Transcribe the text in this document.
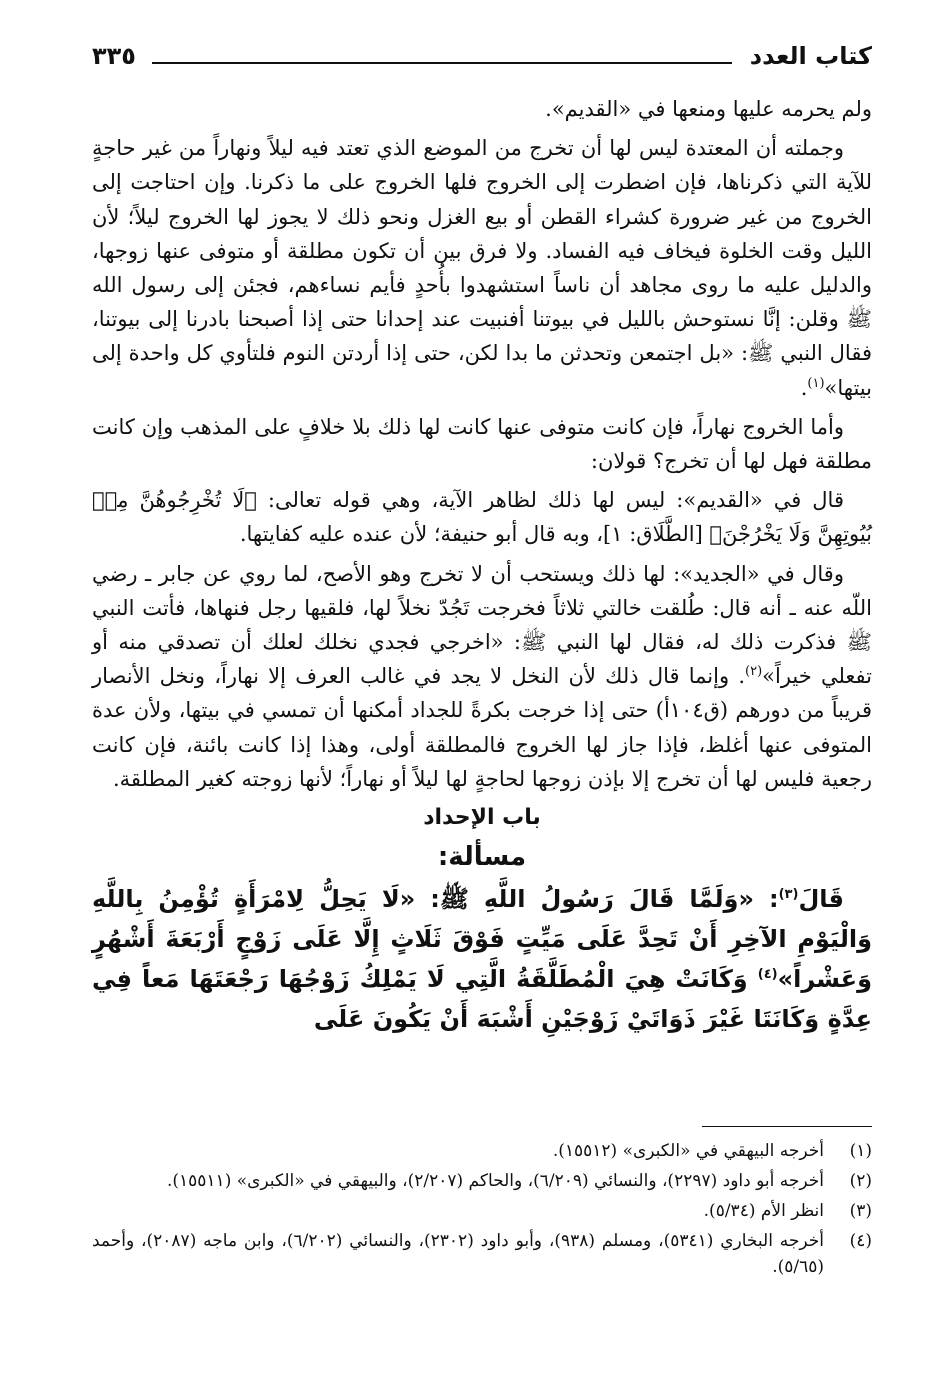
كتاب العدد
٣٣٥

ولم يحرمه عليها ومنعها في «القديم».

وجملته أن المعتدة ليس لها أن تخرج من الموضع الذي تعتد فيه ليلاً ونهاراً من غير حاجةٍ للآية التي ذكرناها، فإن اضطرت إلى الخروج فلها الخروج على ما ذكرنا. وإن احتاجت إلى الخروج من غير ضرورة كشراء القطن أو بيع الغزل ونحو ذلك لا يجوز لها الخروج ليلاً؛ لأن الليل وقت الخلوة فيخاف فيه الفساد. ولا فرق بين أن تكون مطلقة أو متوفى عنها زوجها، والدليل عليه ما روى مجاهد أن ناساً استشهدوا بأُحدٍ فأيم نساءهم، فجئن إلى رسول الله ﷺ وقلن: إنَّا نستوحش بالليل في بيوتنا أفنبيت عند إحدانا حتى إذا أصبحنا بادرنا إلى بيوتنا، فقال النبي ﷺ: «بل اجتمعن وتحدثن ما بدا لكن، حتى إذا أردتن النوم فلتأوي كل واحدة إلى بيتها»$^{(١)}$.

وأما الخروج نهاراً، فإن كانت متوفى عنها كانت لها ذلك بلا خلافٍ على المذهب وإن كانت مطلقة فهل لها أن تخرج؟ قولان:

قال في «القديم»: ليس لها ذلك لظاهر الآية، وهي قوله تعالى: ﴿لَا تُخْرِجُوهُنَّ مِنۢ بُيُوتِهِنَّ وَلَا يَخْرُجْنَ﴾ [الطَّلَاق: ١]، وبه قال أبو حنيفة؛ لأن عنده عليه كفايتها.

وقال في «الجديد»: لها ذلك ويستحب أن لا تخرج وهو الأصح، لما روي عن جابر ـ رضي اللّه عنه ـ أنه قال: طُلقت خالتي ثلاثاً فخرجت تَجُدّ نخلاً لها، فلقيها رجل فنهاها، فأتت النبي ﷺ فذكرت ذلك له، فقال لها النبي ﷺ: «اخرجي فجدي نخلك لعلك أن تصدقي منه أو تفعلي خيراً»$^{(٢)}$. وإنما قال ذلك لأن النخل لا يجد في غالب العرف إلا نهاراً، ونخل الأنصار قريباً من دورهم (ق١٠٤أ) حتى إذا خرجت بكرةً للجداد أمكنها أن تمسي في بيتها، ولأن عدة المتوفى عنها أغلظ، فإذا جاز لها الخروج فالمطلقة أولى، وهذا إذا كانت بائنة، فإن كانت رجعية فليس لها أن تخرج إلا بإذن زوجها لحاجةٍ لها ليلاً أو نهاراً؛ لأنها زوجته كغير المطلقة.

باب الإحداد

مسألة:

قَالَ$^{(٣)}$: «وَلَمَّا قَالَ رَسُولُ اللَّهِ ﷺ: «لَا يَحِلُّ لِامْرَأَةٍ تُؤْمِنُ بِاللَّهِ وَالْيَوْمِ الآخِرِ أَنْ تَحِدَّ عَلَى مَيِّتٍ فَوْقَ ثَلَاثٍ إِلَّا عَلَى زَوْجٍ أَرْبَعَةَ أَشْهُرٍ وَعَشْراً»$^{(٤)}$ وَكَانَتْ هِيَ الْمُطَلَّقَةُ الَّتِي لَا يَمْلِكُ زَوْجُهَا رَجْعَتَهَا مَعاً فِي عِدَّةٍ وَكَانَتَا غَيْرَ ذَوَاتَيْ زَوْجَيْنِ أَشْبَهَ أَنْ يَكُونَ عَلَى

(١)
أخرجه البيهقي في «الكبرى» (١٥٥١٢).
(٢)
أخرجه أبو داود (٢٢٩٧)، والنسائي (٦/٢٠٩)، والحاكم (٢/٢٠٧)، والبيهقي في «الكبرى» (١٥٥١١).
(٣)
انظر الأم (٥/٣٤).
(٤)
أخرجه البخاري (٥٣٤١)، ومسلم (٩٣٨)، وأبو داود (٢٣٠٢)، والنسائي (٦/٢٠٢)، وابن ماجه (٢٠٨٧)، وأحمد (٥/٦٥).
